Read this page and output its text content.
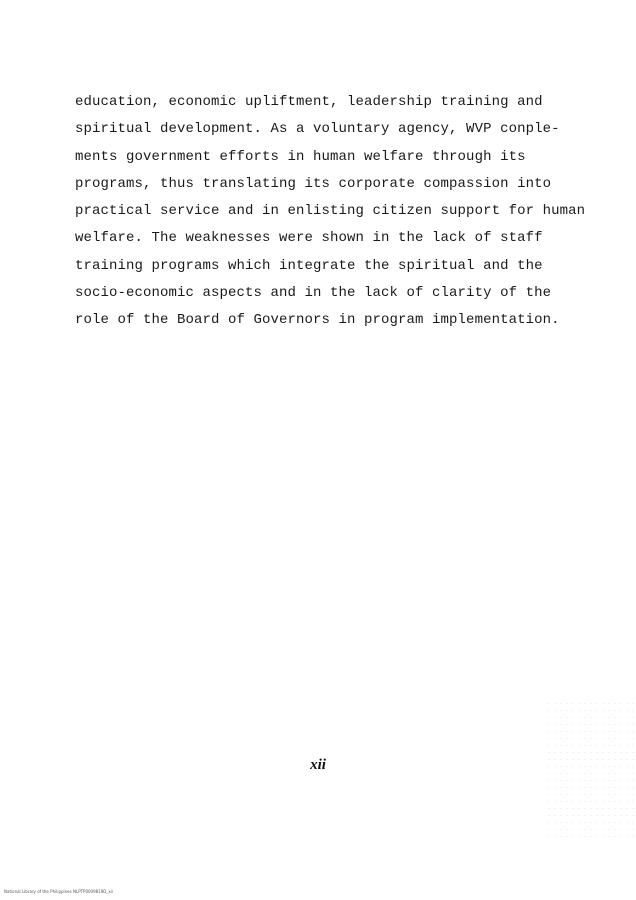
education, economic upliftment, leadership training and
spiritual development. As a voluntary agency, WVP conple-
ments government efforts in human welfare through its
programs, thus translating its corporate compassion into
practical service and in enlisting citizen support for human
welfare. The weaknesses were shown in the lack of staff
training programs which integrate the spiritual and the
socio-economic aspects and in the lack of clarity of the
role of the Board of Governors in program implementation.
xii
National Library of the Philippines NLPTP0009819D_xii
